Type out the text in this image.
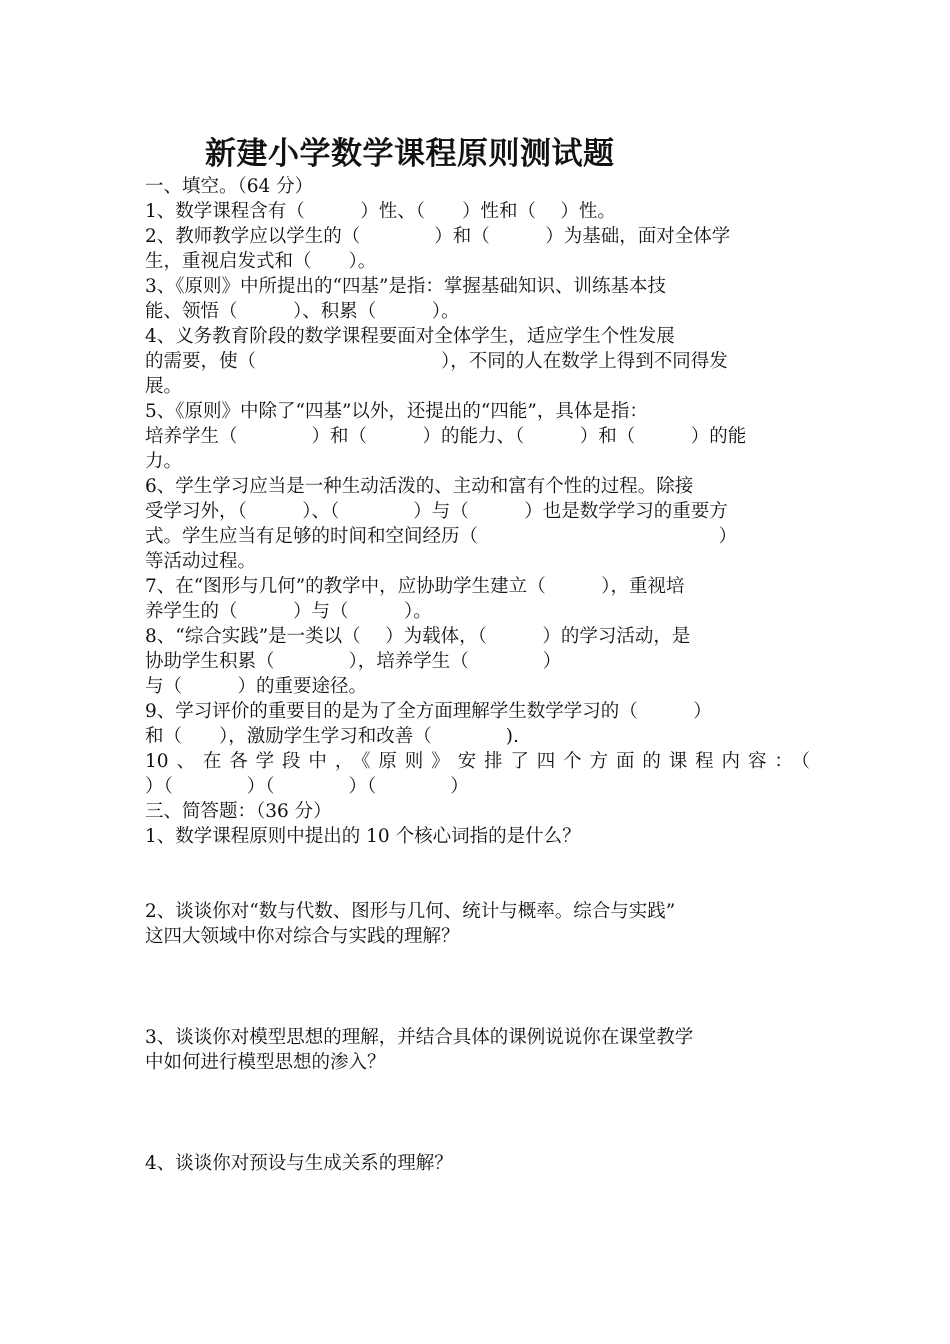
新建小学数学课程原则测试题
一、填空。（64 分）
1、数学课程含有（　　　）性、（　　）性和（　 ）性。
2、教师教学应以学生的（　　　　）和（　　　）为基础，面对全体学
生，重视启发式和（　　）。
3、《原则》中所提出的“四基”是指：掌握基础知识、训练基本技
能、领悟（　　　）、积累（　　　）。
4、义务教育阶段的数学课程要面对全体学生，适应学生个性发展
的需要，使（　　　　　　　　　　），不同的人在数学上得到不同得发
展。
5、《原则》中除了“四基”以外，还提出的“四能”，具体是指：
培养学生（　　　　）和（　　　）的能力、（　　　）和（　　　）的能
力。
6、学生学习应当是一种生动活泼的、主动和富有个性的过程。除接
受学习外，（　　　）、（　　　　）与（　　　）也是数学学习的重要方
式。学生应当有足够的时间和空间经历（　　　　　　　　　　　　　）
等活动过程。
7、在“图形与几何”的教学中，应协助学生建立（　　　），重视培
养学生的（　　　）与（　　　）。
8、“综合实践”是一类以（　 ）为载体，（　　　）的学习活动，是
协助学生积累（　　　　），培养学生（　　　　）
与（　　　）的重要途径。
9、学习评价的重要目的是为了全方面理解学生数学学习的（　　　）
和（　　），激励学生学习和改善（　　　　).
10、在各学段中，《原则》安排了四个方面的课程内容：（
）（　　　　）（　　　　）（　　　　）
三、简答题：（36 分）
1、数学课程原则中提出的 10 个核心词指的是什么？
2、谈谈你对“数与代数、图形与几何、统计与概率。综合与实践”
这四大领域中你对综合与实践的理解？
3、谈谈你对模型思想的理解，并结合具体的课例说说你在课堂教学
中如何进行模型思想的渗入？
4、谈谈你对预设与生成关系的理解？
